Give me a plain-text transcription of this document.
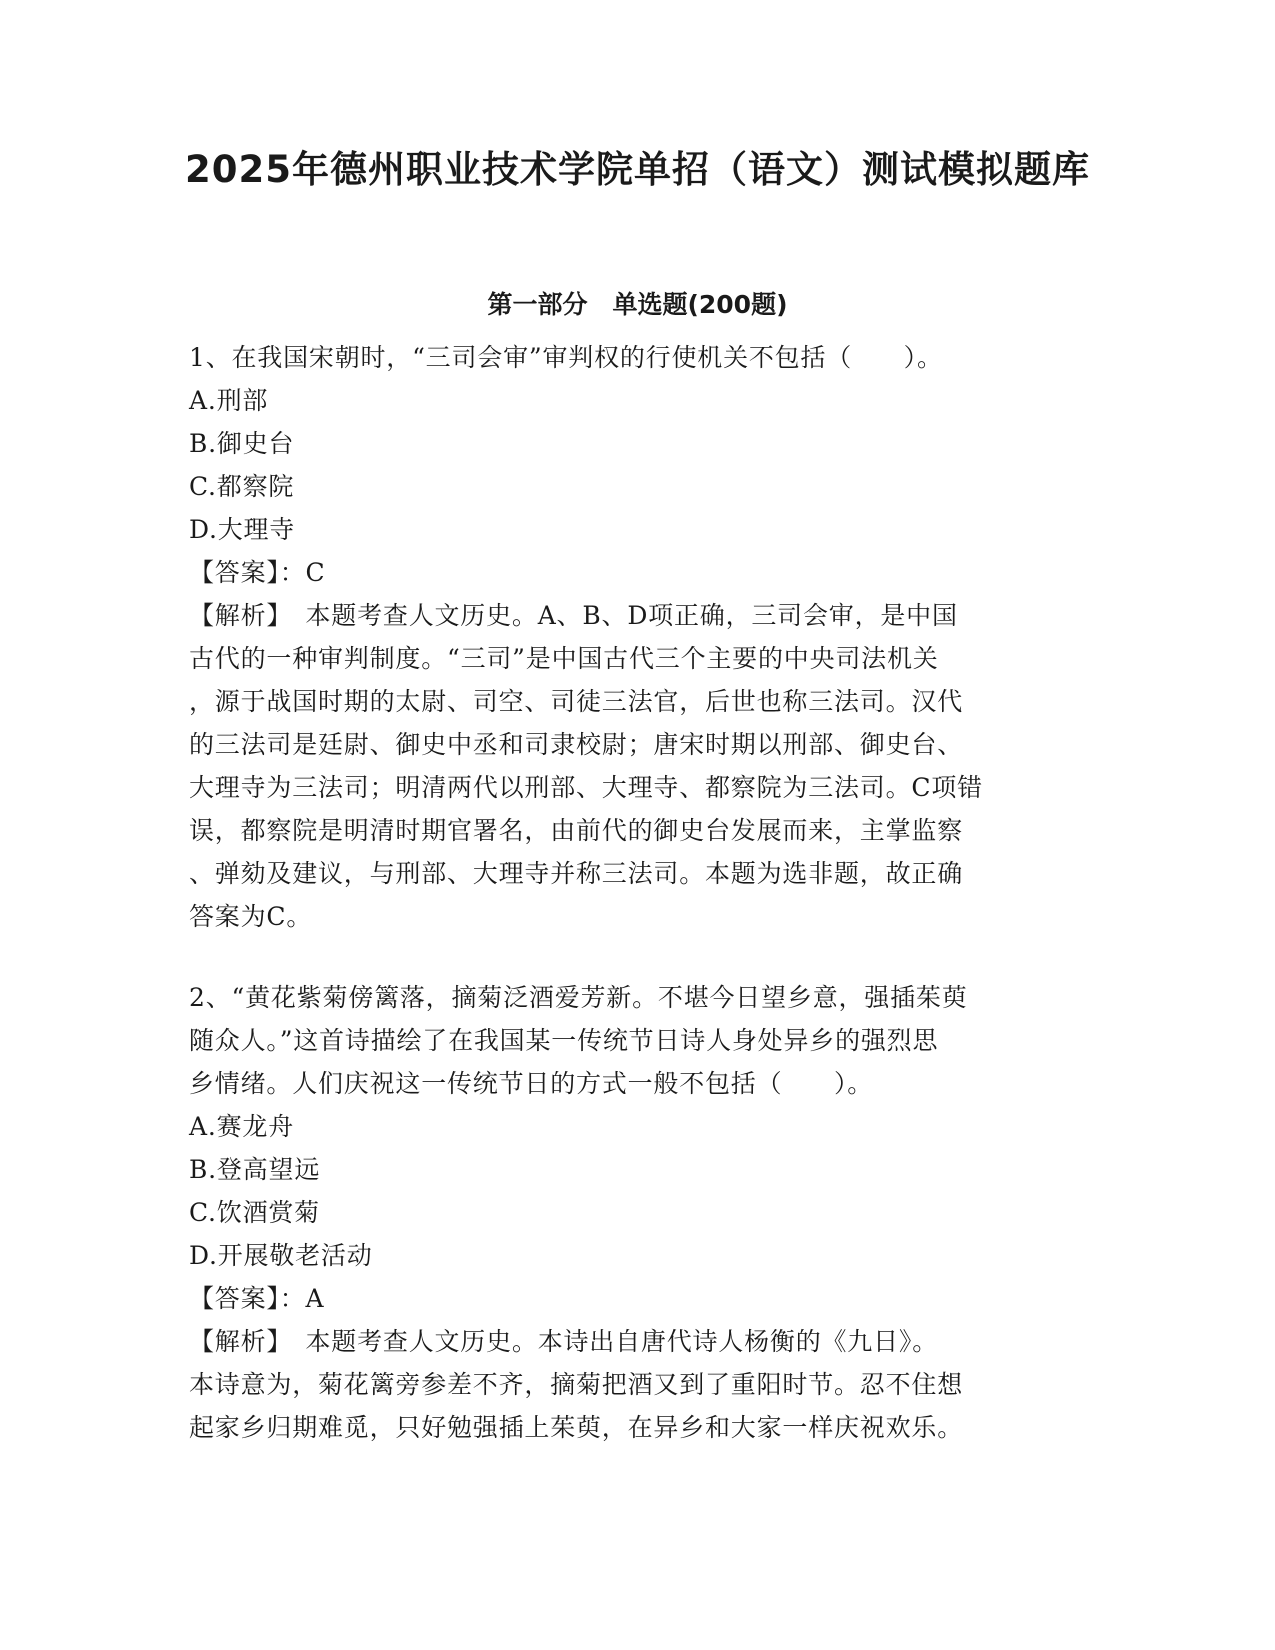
2025年德州职业技术学院单招（语文）测试模拟题库
第一部分　单选题(200题)
1、在我国宋朝时，“三司会审”审判权的行使机关不包括（　　）。
A.刑部
B.御史台
C.都察院
D.大理寺
【答案】：C
【解析】　本题考查人文历史。A、B、D项正确，三司会审，是中国
古代的一种审判制度。“三司”是中国古代三个主要的中央司法机关
，源于战国时期的太尉、司空、司徒三法官，后世也称三法司。汉代
的三法司是廷尉、御史中丞和司隶校尉；唐宋时期以刑部、御史台、
大理寺为三法司；明清两代以刑部、大理寺、都察院为三法司。C项错
误，都察院是明清时期官署名，由前代的御史台发展而来，主掌监察
、弹劾及建议，与刑部、大理寺并称三法司。本题为选非题，故正确
答案为C。
2、“黄花紫菊傍篱落，摘菊泛酒爱芳新。不堪今日望乡意，强插茱萸
随众人。”这首诗描绘了在我国某一传统节日诗人身处异乡的强烈思
乡情绪。人们庆祝这一传统节日的方式一般不包括（　　）。
A.赛龙舟
B.登高望远
C.饮酒赏菊
D.开展敬老活动
【答案】：A
【解析】　本题考查人文历史。本诗出自唐代诗人杨衡的《九日》。
本诗意为，菊花篱旁参差不齐，摘菊把酒又到了重阳时节。忍不住想
起家乡归期难觅，只好勉强插上茱萸，在异乡和大家一样庆祝欢乐。
